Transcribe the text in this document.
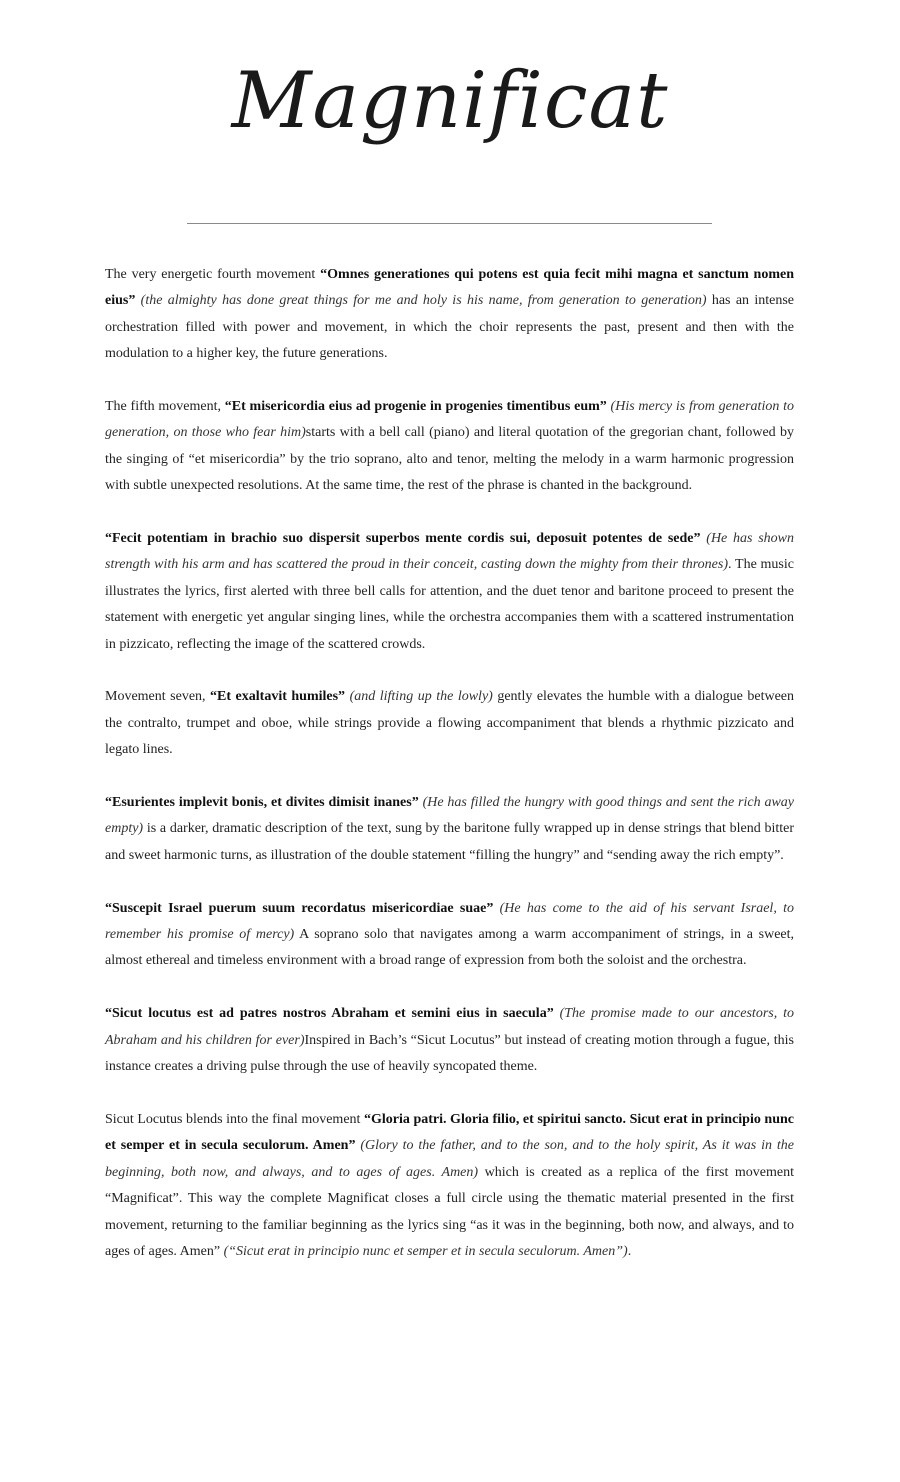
Magnificat

The very energetic fourth movement “Omnes generationes qui potens est quia fecit mihi magna et sanctum nomen eius” (the almighty has done great things for me and holy is his name, from generation to generation) has an intense orchestration filled with power and movement, in which the choir represents the past, present and then with the modulation to a higher key, the future generations.

The fifth movement, “Et misericordia eius ad progenie in progenies timentibus eum” (His mercy is from generation to generation, on those who fear him)starts with a bell call (piano) and literal quotation of the gregorian chant, followed by the singing of “et misericordia” by the trio soprano, alto and tenor, melting the melody in a warm harmonic progression with subtle unexpected resolutions. At the same time, the rest of the phrase is chanted in the background.

“Fecit potentiam in brachio suo dispersit superbos mente cordis sui, deposuit potentes de sede” (He has shown strength with his arm and has scattered the proud in their conceit, casting down the mighty from their thrones). The music illustrates the lyrics, first alerted with three bell calls for attention, and the duet tenor and baritone proceed to present the statement with energetic yet angular singing lines, while the orchestra accompanies them with a scattered instrumentation in pizzicato, reflecting the image of the scattered crowds.

Movement seven, “Et exaltavit humiles” (and lifting up the lowly) gently elevates the humble with a dialogue between the contralto, trumpet and oboe, while strings provide a flowing accompaniment that blends a rhythmic pizzicato and legato lines.

“Esurientes implevit bonis, et divites dimisit inanes” (He has filled the hungry with good things and sent the rich away empty) is a darker, dramatic description of the text, sung by the baritone fully wrapped up in dense strings that blend bitter and sweet harmonic turns, as illustration of the double statement “filling the hungry” and “sending away the rich empty”.

“Suscepit Israel puerum suum recordatus misericordiae suae” (He has come to the aid of his servant Israel, to remember his promise of mercy) A soprano solo that navigates among a warm accompaniment of strings, in a sweet, almost ethereal and timeless environment with a broad range of expression from both the soloist and the orchestra.

“Sicut locutus est ad patres nostros Abraham et semini eius in saecula” (The promise made to our ancestors, to Abraham and his children for ever)Inspired in Bach’s “Sicut Locutus” but instead of creating motion through a fugue, this instance creates a driving pulse through the use of heavily syncopated theme.

Sicut Locutus blends into the final movement “Gloria patri. Gloria filio, et spiritui sancto. Sicut erat in principio nunc et semper et in secula seculorum. Amen” (Glory to the father, and to the son, and to the holy spirit, As it was in the beginning, both now, and always, and to ages of ages. Amen) which is created as a replica of the first movement “Magnificat”. This way the complete Magnificat closes a full circle using the thematic material presented in the first movement, returning to the familiar beginning as the lyrics sing “as it was in the beginning, both now, and always, and to ages of ages. Amen” (“Sicut erat in principio nunc et semper et in secula seculorum. Amen”).
